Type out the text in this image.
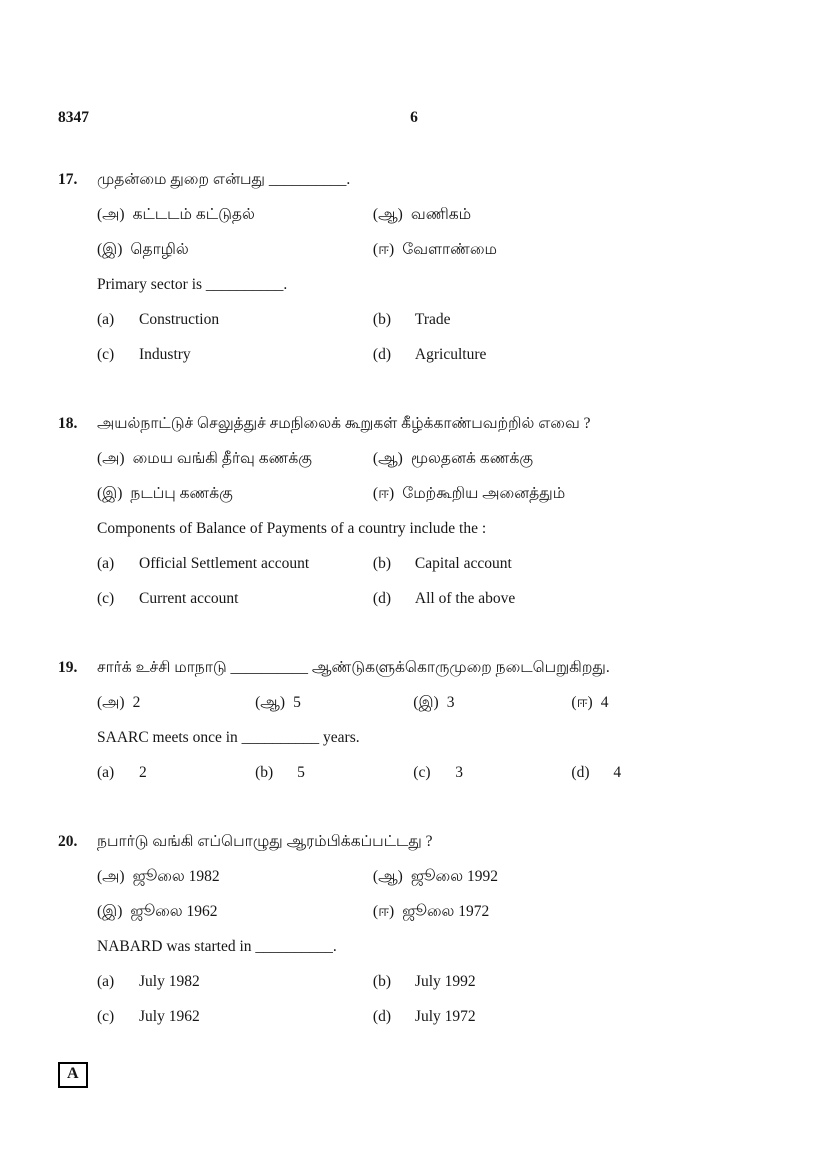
8347	6
17.	முதன்மை துறை என்பது __________.
(அ) கட்டடம் கட்டுதல்	(ஆ) வணிகம்
(இ) தொழில்	(ஈ) வேளாண்மை
Primary sector is __________.
(a)	Construction	(b)	Trade
(c)	Industry	(d)	Agriculture
18.	அயல்நாட்டுச் செலுத்துச் சமநிலைக் கூறுகள் கீழ்க்காண்பவற்றில் எவை ?
(அ) மைய வங்கி தீர்வு கணக்கு	(ஆ) மூலதனக் கணக்கு
(இ) நடப்பு கணக்கு	(ஈ) மேற்கூறிய அனைத்தும்
Components of Balance of Payments of a country include the :
(a)	Official Settlement account	(b)	Capital account
(c)	Current account	(d)	All of the above
19.	சார்க் உச்சி மாநாடு __________ ஆண்டுகளுக்கொருமுறை நடைபெறுகிறது.
(அ) 2	(ஆ) 5	(இ) 3	(ஈ) 4
SAARC meets once in __________ years.
(a)	2	(b)	5	(c)	3	(d)	4
20.	நபார்டு வங்கி எப்பொழுது ஆரம்பிக்கப்பட்டது ?
(அ) ஜூலை 1982	(ஆ) ஜூலை 1992
(இ) ஜூலை 1962	(ஈ) ஜூலை 1972
NABARD was started in __________.
(a)	July 1982	(b)	July 1992
(c)	July 1962	(d)	July 1972
A
